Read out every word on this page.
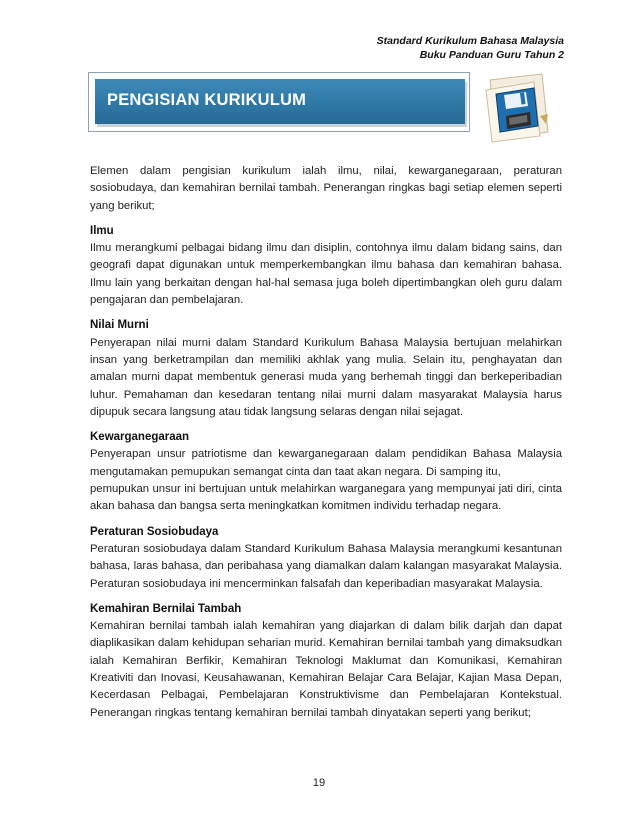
Standard Kurikulum Bahasa Malaysia
Buku Panduan Guru Tahun 2
PENGISIAN KURIKULUM

Elemen dalam pengisian kurikulum ialah ilmu, nilai, kewarganegaraan, peraturan sosiobudaya, dan kemahiran bernilai tambah. Penerangan ringkas bagi setiap elemen seperti yang berikut;

Ilmu

Ilmu merangkumi pelbagai bidang ilmu dan disiplin, contohnya ilmu dalam bidang sains, dan geografi dapat digunakan untuk memperkembangkan ilmu bahasa dan kemahiran bahasa. Ilmu lain yang berkaitan dengan hal-hal semasa juga boleh dipertimbangkan oleh guru dalam pengajaran dan pembelajaran.

Nilai Murni

Penyerapan nilai murni dalam Standard Kurikulum Bahasa Malaysia bertujuan melahirkan insan yang berketrampilan dan memiliki akhlak yang mulia. Selain itu, penghayatan dan amalan murni dapat membentuk generasi muda yang berhemah tinggi dan berkeperibadian luhur. Pemahaman dan kesedaran tentang nilai murni dalam masyarakat Malaysia harus dipupuk secara langsung atau tidak langsung selaras dengan nilai sejagat.

Kewarganegaraan

Penyerapan unsur patriotisme dan kewarganegaraan dalam pendidikan Bahasa Malaysia mengutamakan pemupukan semangat cinta dan taat akan negara. Di samping itu,

pemupukan unsur ini bertujuan untuk melahirkan warganegara yang mempunyai jati diri, cinta akan bahasa dan bangsa serta meningkatkan komitmen individu terhadap negara.

Peraturan Sosiobudaya

Peraturan sosiobudaya dalam Standard Kurikulum Bahasa Malaysia merangkumi kesantunan bahasa, laras bahasa, dan peribahasa yang diamalkan dalam kalangan masyarakat Malaysia. Peraturan sosiobudaya ini mencerminkan falsafah dan keperibadian masyarakat Malaysia.

Kemahiran Bernilai Tambah

Kemahiran bernilai tambah ialah kemahiran yang diajarkan di dalam bilik darjah dan dapat diaplikasikan dalam kehidupan seharian murid. Kemahiran bernilai tambah yang dimaksudkan ialah Kemahiran Berfikir, Kemahiran Teknologi Maklumat dan Komunikasi, Kemahiran Kreativiti dan Inovasi, Keusahawanan, Kemahiran Belajar Cara Belajar, Kajian Masa Depan, Kecerdasan Pelbagai, Pembelajaran Konstruktivisme dan Pembelajaran Kontekstual. Penerangan ringkas tentang kemahiran bernilai tambah dinyatakan seperti yang berikut;

19
